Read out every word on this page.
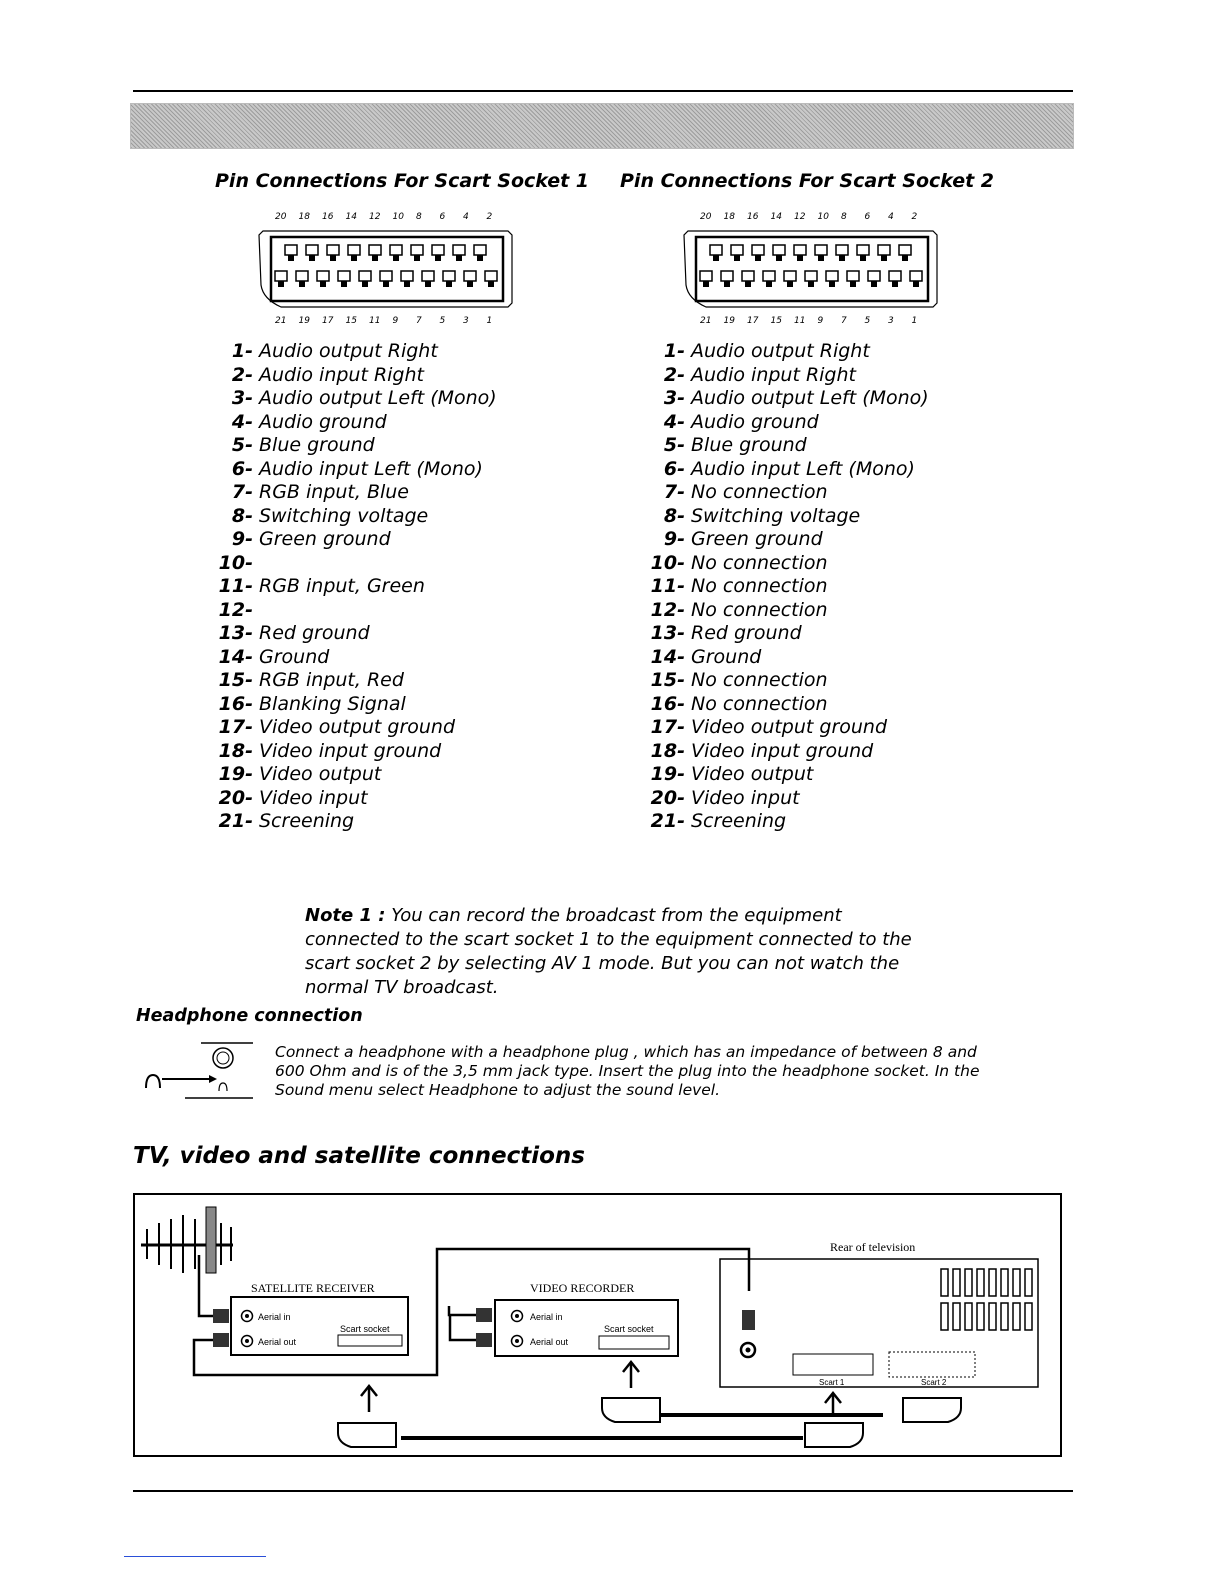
Pin Connections For Scart Socket 1
20 18 16 14 12 10 8 6 4 2
21 19 17 15 11 9 7 5 3 1
1- Audio output Right
2- Audio input Right
3- Audio output Left (Mono)
4- Audio ground
5- Blue ground
6- Audio input Left (Mono)
7- RGB input, Blue
8- Switching voltage
9- Green ground
10-
11- RGB input, Green
12-
13- Red ground
14- Ground
15- RGB input, Red
16- Blanking Signal
17- Video output ground
18- Video input ground
19- Video output
20- Video input
21- Screening
Pin Connections For Scart Socket 2
20 18 16 14 12 10 8 6 4 2
21 19 17 15 11 9 7 5 3 1
1- Audio output Right
2- Audio input Right
3- Audio output Left (Mono)
4- Audio ground
5- Blue ground
6- Audio input Left (Mono)
7- No connection
8- Switching voltage
9- Green ground
10- No connection
11- No connection
12- No connection
13- Red ground
14- Ground
15- No connection
16- No connection
17- Video output ground
18- Video input ground
19- Video output
20- Video input
21- Screening
Note 1 : You can record the broadcast from the equipment connected to the scart socket 1 to the equipment connected to the scart socket 2 by selecting AV 1 mode. But you can not watch the normal TV broadcast.
Headphone connection
Connect a headphone with a headphone plug , which has an impedance of between 8 and 600 Ohm and is of the 3,5 mm jack type. Insert the plug into the headphone socket. In the Sound menu select Headphone to adjust the sound level.
TV, video and satellite connections
SATELLITE RECEIVER
Aerial in
Aerial out
Scart socket
VIDEO RECORDER
Aerial in
Aerial out
Scart socket
Rear of television
Scart 1	Scart 2
